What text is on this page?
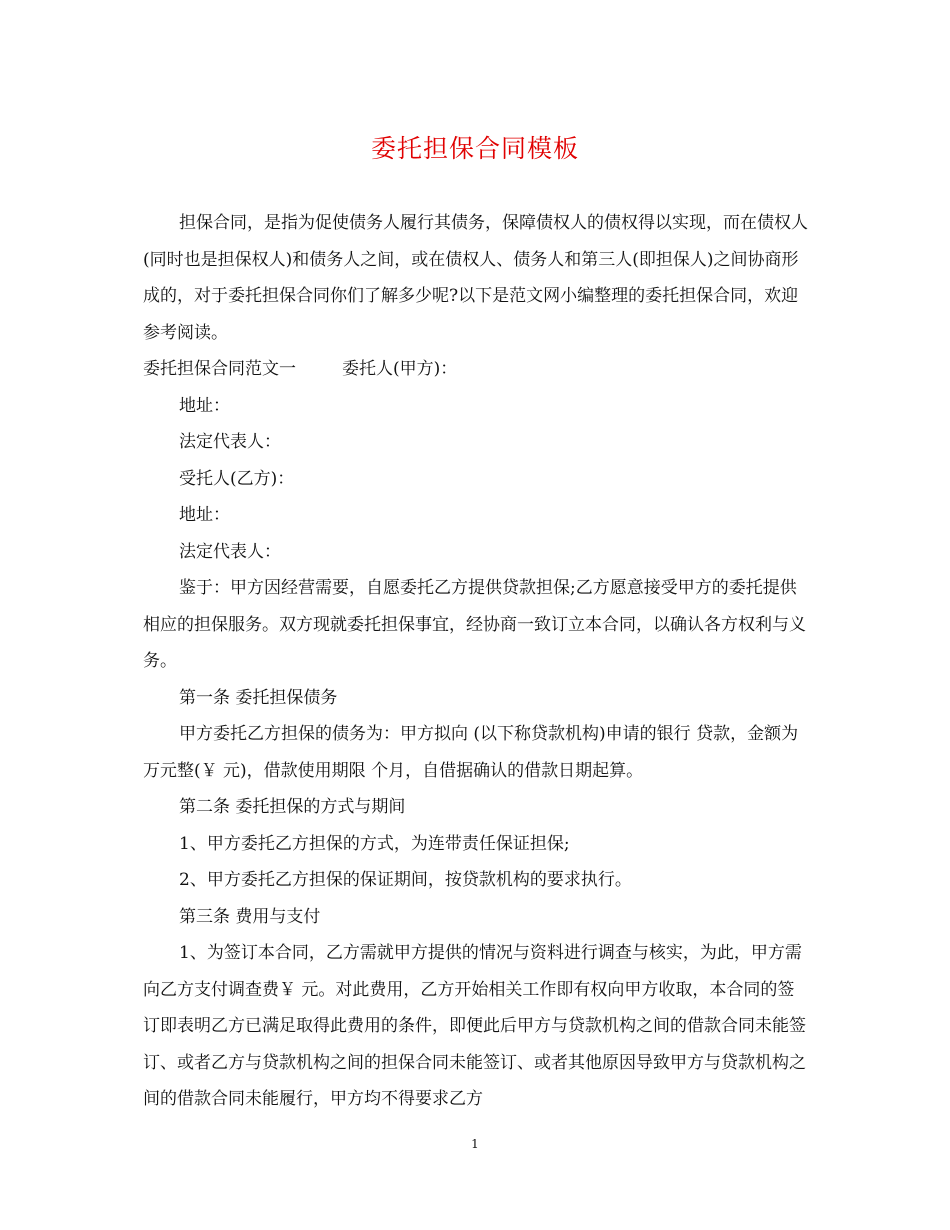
委托担保合同模板

担保合同，是指为促使债务人履行其债务，保障债权人的债权得以实现，而在债权人(同时也是担保权人)和债务人之间，或在债权人、债务人和第三人(即担保人)之间协商形成的，对于委托担保合同你们了解多少呢?以下是范文网小编整理的委托担保合同，欢迎参考阅读。

委托担保合同范文一	委托人(甲方)：

地址：

法定代表人：

受托人(乙方)：

地址：

法定代表人：

鉴于：甲方因经营需要，自愿委托乙方提供贷款担保;乙方愿意接受甲方的委托提供相应的担保服务。双方现就委托担保事宜，经协商一致订立本合同，以确认各方权利与义务。

第一条 委托担保债务

甲方委托乙方担保的债务为：甲方拟向 (以下称贷款机构)申请的银行 贷款，金额为 万元整(￥ 元)，借款使用期限 个月，自借据确认的借款日期起算。

第二条 委托担保的方式与期间

1、甲方委托乙方担保的方式，为连带责任保证担保;

2、甲方委托乙方担保的保证期间，按贷款机构的要求执行。

第三条 费用与支付

1、为签订本合同，乙方需就甲方提供的情况与资料进行调查与核实，为此，甲方需向乙方支付调查费￥ 元。对此费用，乙方开始相关工作即有权向甲方收取，本合同的签订即表明乙方已满足取得此费用的条件，即便此后甲方与贷款机构之间的借款合同未能签订、或者乙方与贷款机构之间的担保合同未能签订、或者其他原因导致甲方与贷款机构之间的借款合同未能履行，甲方均不得要求乙方

1
